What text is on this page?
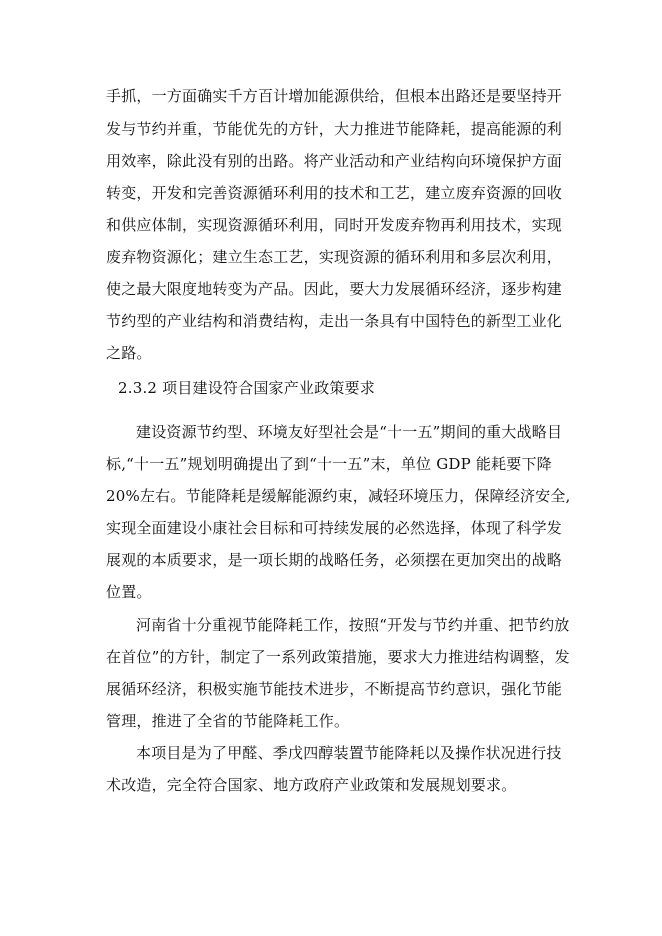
手抓，一方面确实千方百计增加能源供给，但根本出路还是要坚持开
发与节约并重，节能优先的方针，大力推进节能降耗，提高能源的利
用效率，除此没有别的出路。将产业活动和产业结构向环境保护方面
转变，开发和完善资源循环利用的技术和工艺，建立废弃资源的回收
和供应体制，实现资源循环利用，同时开发废弃物再利用技术，实现
废弃物资源化；建立生态工艺，实现资源的循环利用和多层次利用，
使之最大限度地转变为产品。因此，要大力发展循环经济，逐步构建
节约型的产业结构和消费结构，走出一条具有中国特色的新型工业化
之路。
2.3.2 项目建设符合国家产业政策要求
建设资源节约型、环境友好型社会是“十一五”期间的重大战略目
标,“十一五”规划明确提出了到“十一五”末，单位 GDP 能耗要下降
20%左右。节能降耗是缓解能源约束，减轻环境压力，保障经济安全,
实现全面建设小康社会目标和可持续发展的必然选择，体现了科学发
展观的本质要求，是一项长期的战略任务，必须摆在更加突出的战略
位置。
河南省十分重视节能降耗工作，按照“开发与节约并重、把节约放
在首位”的方针，制定了一系列政策措施，要求大力推进结构调整，发
展循环经济，积极实施节能技术进步，不断提高节约意识，强化节能
管理，推进了全省的节能降耗工作。
本项目是为了甲醛、季戊四醇装置节能降耗以及操作状况进行技
术改造，完全符合国家、地方政府产业政策和发展规划要求。
